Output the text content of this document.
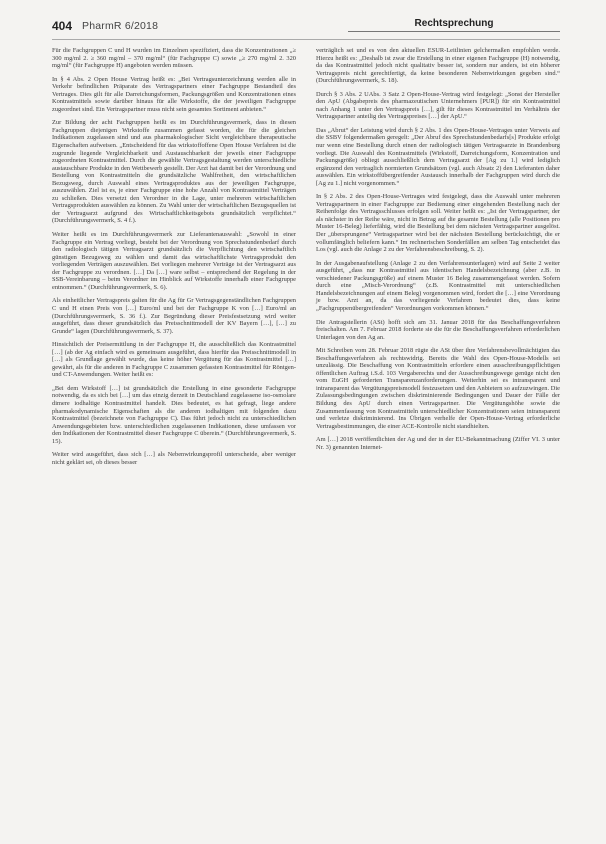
404 PharmR 6/2018	Rechtsprechung

Für die Fachgruppen C und H wurden im Einzelnen spezifiziert, dass die Konzentrationen „≥ 300 mg/ml 2. ≥ 360 mg/ml – 370 mg/ml“ (für Fachgruppe C) sowie „≥ 270 mg/ml 2. 320 mg/ml“ (für Fachgruppe H) angeboten werden müssen.

In § 4 Abs. 2 Open House Vertrag heißt es: „Bei Vertragsunterzeichnung werden alle in Verkehr befindlichen Präparate des Vertragspartners einer Fachgruppe Bestandteil des Vertrages. Dies gilt für alle Darreichungsformen, Packungsgrößen und Konzentrationen eines Kontrastmittels sowie darüber hinaus für alle Wirkstoffe, die der jeweiligen Fachgruppe zugeordnet sind. Ein Vertragspartner muss nicht sein gesamtes Sortiment anbieten.“

Zur Bildung der acht Fachgruppen heißt es im Durchführungsvermerk, dass in diesen Fachgruppen diejenigen Wirkstoffe zusammen gefasst worden, die für die gleichen Indikationen zugelassen sind und aus pharmakologischer Sicht vergleichbare therapeutische Eigenschaften aufweisen. „Entscheidend für das wirkstoffoffene Open House Verfahren ist die zugrunde liegende Vergleichbarkeit und Austauschbarkeit der jeweils einer Fachgruppe zugeordneten Kontrastmittel. Durch die gewählte Vertragsgestaltung werden unterschiedliche austauschbare Produkte in den Wettbewerb gestellt. Der Arzt hat damit bei der Verordnung und Bestellung von Kontrastmitteln die grundsätzliche Wahlfreiheit, den wirtschaftlichen Bezugsweg, durch Auswahl eines Vertragsproduktes aus der jeweiligen Fachgruppe, auszuwählen. Ziel ist es, je einer Fachgruppe eine hohe Anzahl von Kontrastmittel Verträgen zu schließen. Dies versetzt den Verordner in die Lage, unter mehreren wirtschaftlichen Vertragsprodukten auswählen zu können. Zu Wahl unter der wirtschaftlichen Bezugsquellen ist der Vertragsarzt aufgrund des Wirtschaftlichkeitsgebots grundsätzlich verpflichtet.“ (Durchführungsvermerk, S. 4 f.).

Weiter heißt es im Durchführungsvermerk zur Lieferantenauswahl: „Sowohl in einer Fachgruppe ein Vertrag vorliegt, besteht bei der Verordnung von Sprechstundenbedarf durch den radiologisch tätigen Vertragsarzt grundsätzlich die Verpflichtung den wirtschaftlich günstigen Bezugsweg zu wählen und damit das wirtschaftlichste Vertragsprodukt den vorliegenden Verträgen auszuwählen. Bei vorliegen mehrerer Verträge ist der Vertragsarzt aus der Fachgruppe zu verordnen. […] Da […] ware selbst – entsprechend der Regelung in der SSB-Vereinbarung – beim Verordner im Hinblick auf Wirkstoffe innerhalb einer Fachgruppe entnommen.“ (Durchführungsvermerk, S. 6).

Als einheitlicher Vertragspreis galten für die Ag für Gr Vertragsgegenständlichen Fachgruppen C und H einen Preis von […] Euro/ml und bei der Fachgruppe K von […] Euro/ml an (Durchführungsvermerk, S. 36 f.). Zur Begründung dieser Preisfestsetzung wird weiter ausgeführt, dass dieser grundsätzlich das Preisschnittmodell der KV Bayern […], […] zu Grunde“ lagen (Durchführungsvermerk, S. 37).

Hinsichtlich der Preisermittlung in der Fachgruppe H, die ausschließlich das Kontrastmittel […] (ab der Ag einfach wird es gemeinsam ausgeführt, dass hierfür das Preisschnittmodell in […] als Grundlage gewählt wurde, das keine höher Vergütung für das Kontrastmittel […] gewährt, als für die anderen in Fachgruppe C zusammen gefassten Kontrastmittel für Röntgen- und CT-Anwendungen. Weiter heißt es:

„Bei dem Wirkstoff […] ist grundsätzlich die Erstellung in eine gesonderte Fachgruppe notwendig, da es sich bei […] um das einzig derzeit in Deutschland zugelassene iso-osmolare dimere iodhaltige Kontrastmittel handelt. Dies bedeutet, es hat gefragt, liege andere pharmakodynamische Eigenschaften als die anderen iodhaltigen mit folgenden dazu Kontrastmittel (bezeichnete von Fachgruppe C). Das führt jedoch nicht zu unterschiedlichen Anwendungsgebieten bzw. unterschiedlichen zugelassenen Indikationen, diese umfassen vor den Indikationen der Kontrastmittel dieser Fachgruppe C überein.“ (Durchführungsvermerk, S. 15).

Weiter wird ausgeführt, dass sich […] als Nebenwirkungsprofil unterscheide, aber weniger nicht geklärt sei, ob dieses besser

verträglich sei und es von den aktuellen ESUR-Leitlinien gelchermaßen empfohlen werde. Hierzu heißt es: „Deshalb ist zwar die Erstellung in einer eigenen Fachgruppe (H) notwendig, da das Kontrastmittel jedoch nicht qualitativ besser ist, sondern nur anders, ist ein höherer Vertragspreis nicht gerechtfertigt, da keine besonderen Nebenwirkungen gegeben sind.“ (Durchführungsvermerk, S. 18).

Durch § 3 Abs. 2 UAbs. 3 Satz 2 Open-House-Vertrag wird festgelegt: „Sonst der Hersteller den ApU (Abgabepreis des pharmazeutischen Unternehmers [PUR]) für ein Kontrastmittel nach Anhang 1 unter den Vertragspreis […], gilt für dieses Kontrastmittel im Verhältnis der Vertragspartner anteilig des Vertragspreises […] der ApU.“

Das „Abrut“ der Leistung wird durch § 2 Abs. 1 des Open-House-Vertrages unter Verweis auf die SSBV folgendermaßen geregelt: „Der Abruf des Sprechstundenbedarfs[s] Produkte erfolgt nur wenn eine Bestellung durch einen der radiologisch tätigen Vertragsarzte in Brandenburg vorliegt. Die Auswahl des Kontrastmittels (Wirkstoff, Darreichungsform, Konzentration und Packungsgröße) obliegt ausschließlich dem Vertragsarzt der [Ag zu 1.] wird lediglich ergänzend den vertraglich normierten Grundsätzen (vgl. auch Absatz 2) den Lieferanten daher auswählen. Ein wirkstoffübergreifender Austausch innerhalb der Fachgruppen wird durch die [Ag zu 1.] nicht vorgenommen.“

In § 2 Abs. 2 des Open-House-Vertrages wird festgelegt, dass die Auswahl unter mehreren Vertragspartnern in einer Fachgruppe zur Bedienung einer eingehenden Bestellung nach der Reihenfolge des Vertragsschlusses erfolgen soll. Weiter heißt es: „Ist der Vertragspartner, der als nächster in der Reihe wäre, nicht in Betrag auf die gesamte Bestellung (alle Positionen pro Muster 16-Beleg) lieferfähig, wird die Bestellung bei dem nächsten Vertragspartner ausgelöst. Der „übersprungene“ Vertragspartner wird bei der nächsten Bestellung berücksichtigt, die er vollumfänglich beliefern kann.“ Im rechnerischen Sonderfällen am selben Tag entscheidet das Los (vgl. auch die Anlage 2 zu der Verfahrensbeschreibung, S. 2).

In der Ausgabenaufstellung (Anlage 2 zu den Verfahrensunterlagen) wird auf Seite 2 weiter ausgeführt, „dass nur Kontrastmittel aus identischen Handelsbezeichnung (aber z.B. in verschiedener Packungsgröße) auf einem Muster 16 Beleg zusammengefasst werden. Sofern durch eine „Misch-Verordnung“ (z.B. Kontrastmittel mit unterschiedlichen Handelsbezeichnungen auf einem Beleg) vorgenommen wird, fordert die […] eine Verordnung je bzw. Arzt an, da das vorliegende Verfahren bedeutet dies, dass keine „Fachgruppenübergreifenden“ Verordnungen vorkommen können.“

Die Antragstellerin (ASt) hofft sich am 31. Januar 2018 für das Beschaffungsverfahren freischalten. Am 7. Februar 2018 forderte sie die für die Beschaffungsverfahren erforderlichen Unterlagen von den Ag an.

Mit Schreiben vom 28. Februar 2018 rügte die ASt über ihre Verfahrensbevollmächtigten das Beschaffungsverfahren als rechtswidrig. Bereits die Wahl des Open-House-Modells sei unzulässig. Die Beschaffung von Kontrastmitteln erfordere einen ausschreibungspflichtigen öffentlichen Auftrag i.S.d. 103 Vergaberechts und der Ausschreibungswege genüge nicht den vom EuGH geforderten Transparenzanforderungen. Weiterhin sei es intransparent und intransparent das Vergütungspreismodell festzusetzen und den Anbietern so aufzuzwingen. Die Zulassungsbedingungen zwischen diskriminierende Bedingungen und Dauer der Fälle der Bildung des ApU durch einen Vertragspartner. Die Vergütungshöhe sowie die Zusammenfassung von Kontrastmitteln unterschiedlicher Konzentrationen seien intransparent und verletze diskriminierend. Ins Übrigen verhelfe der Open-House-Vertrag erforderliche Vertragsbestimmungen, die einer ACE-Kontrolle nicht standhielten.

Am […] 2018 veröffentlichten der Ag und der in der EU-Bekanntmachung (Ziffer VI. 3 unter Nr. 3) genannten Internet-
